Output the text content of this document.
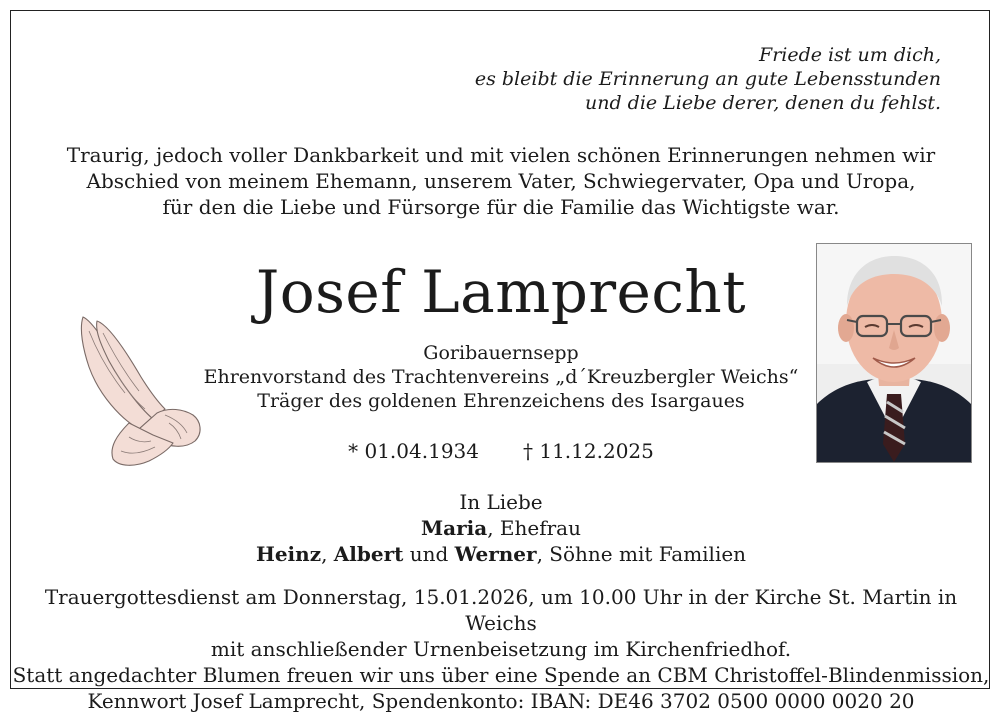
Friede ist um dich,
es bleibt die Erinnerung an gute Lebensstunden
und die Liebe derer, denen du fehlst.

Traurig, jedoch voller Dankbarkeit und mit vielen schönen Erinnerungen nehmen wir
Abschied von meinem Ehemann, unserem Vater, Schwiegervater, Opa und Uropa,
für den die Liebe und Fürsorge für die Familie das Wichtigste war.

Josef Lamprecht

Goribauernsepp
Ehrenvorstand des Trachtenvereins „d´Kreuzbergler Weichs“
Träger des goldenen Ehrenzeichens des Isargaues

* 01.04.1934 † 11.12.2025

In Liebe
Maria, Ehefrau
Heinz, Albert und Werner, Söhne mit Familien

Trauergottesdienst am Donnerstag, 15.01.2026, um 10.00 Uhr in der Kirche St. Martin in Weichs
mit anschließender Urnenbeisetzung im Kirchenfriedhof.
Statt angedachter Blumen freuen wir uns über eine Spende an CBM Christoffel-Blindenmission,
Kennwort Josef Lamprecht, Spendenkonto: IBAN: DE46 3702 0500 0000 0020 20
